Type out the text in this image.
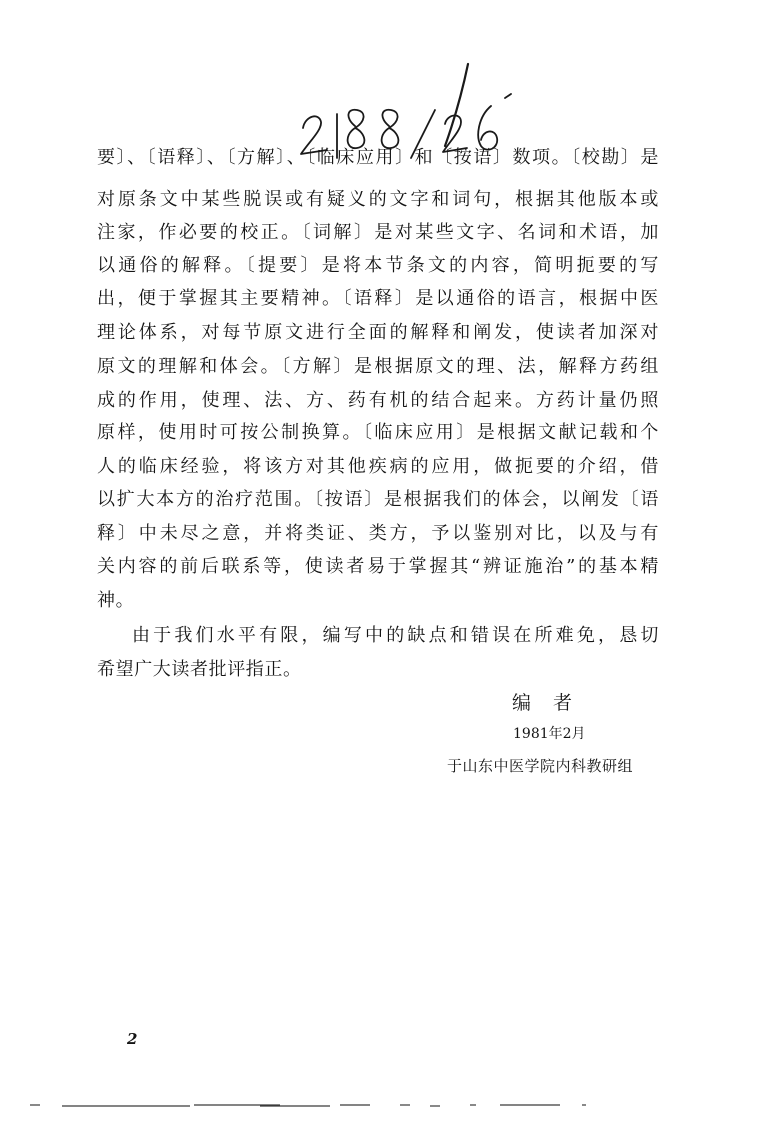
要〕、〔语释〕、〔方解〕、〔临床应用〕和〔按语〕数项。〔校勘〕是
对原条文中某些脱误或有疑义的文字和词句，根据其他版本或
注家，作必要的校正。〔词解〕是对某些文字、名词和术语，加
以通俗的解释。〔提要〕是将本节条文的内容，简明扼要的写
出，便于掌握其主要精神。〔语释〕是以通俗的语言，根据中医
理论体系，对每节原文进行全面的解释和阐发，使读者加深对
原文的理解和体会。〔方解〕是根据原文的理、法，解释方药组
成的作用，使理、法、方、药有机的结合起来。方药计量仍照
原样，使用时可按公制换算。〔临床应用〕是根据文献记载和个
人的临床经验，将该方对其他疾病的应用，做扼要的介绍，借
以扩大本方的治疗范围。〔按语〕是根据我们的体会，以阐发〔语
释〕中未尽之意，并将类证、类方，予以鉴别对比，以及与有
关内容的前后联系等，使读者易于掌握其“辨证施治”的基本精
神。
由于我们水平有限，编写中的缺点和错误在所难免，恳切
希望广大读者批评指正。
编者
1981年2月
于山东中医学院内科教研组
2
